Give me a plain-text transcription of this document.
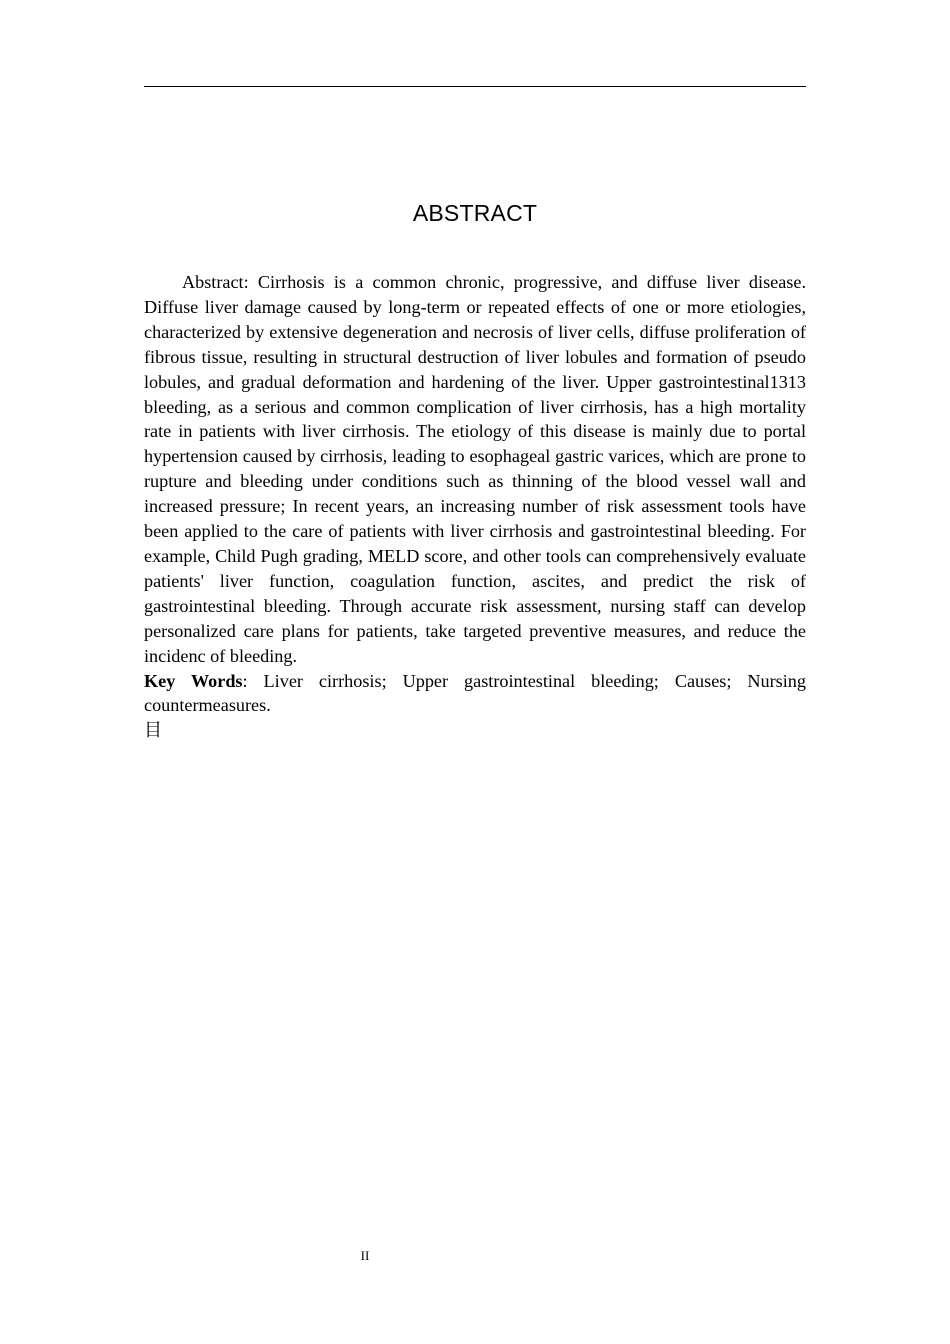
ABSTRACT

Abstract: Cirrhosis is a common chronic, progressive, and diffuse liver disease. Diffuse liver damage caused by long-term or repeated effects of one or more etiologies, characterized by extensive degeneration and necrosis of liver cells, diffuse proliferation of fibrous tissue, resulting in structural destruction of liver lobules and formation of pseudo lobules, and gradual deformation and hardening of the liver. Upper gastrointestinal1313 bleeding, as a serious and common complication of liver cirrhosis, has a high mortality rate in patients with liver cirrhosis. The etiology of this disease is mainly due to portal hypertension caused by cirrhosis, leading to esophageal gastric varices, which are prone to rupture and bleeding under conditions such as thinning of the blood vessel wall and increased pressure; In recent years, an increasing number of risk assessment tools have been applied to the care of patients with liver cirrhosis and gastrointestinal bleeding. For example, Child Pugh grading, MELD score, and other tools can comprehensively evaluate patients' liver function, coagulation function, ascites, and predict the risk of gastrointestinal bleeding. Through accurate risk assessment, nursing staff can develop personalized care plans for patients, take targeted preventive measures, and reduce the incidenc of bleeding.

Key Words: Liver cirrhosis; Upper gastrointestinal bleeding; Causes; Nursing countermeasures.

目

II
